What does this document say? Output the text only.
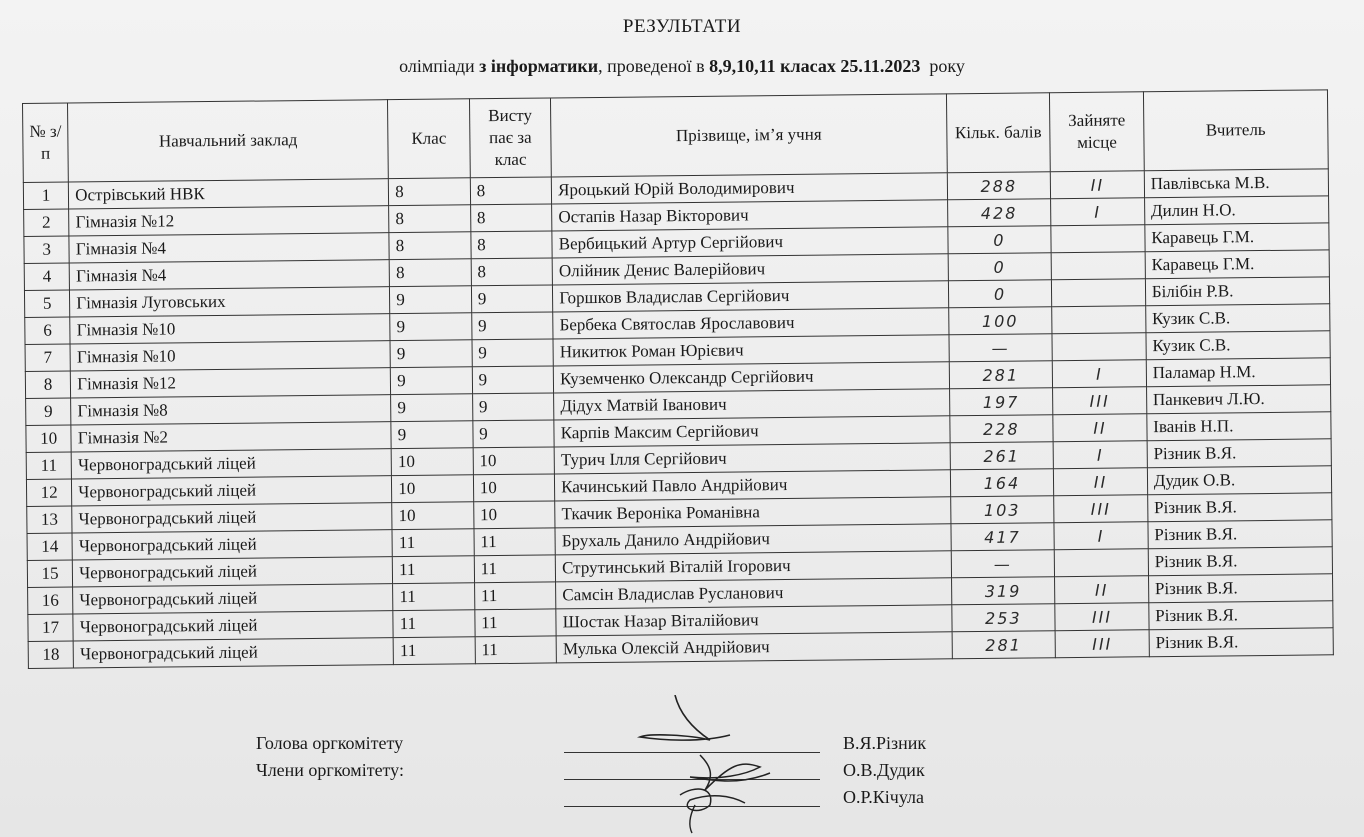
РЕЗУЛЬТАТИ
олімпіади з інформатики, проведеної в 8,9,10,11 класах 25.11.2023  року
№ з/п	Навчальний заклад	Клас	Висту пає за клас	Прізвище, ім’я учня	Кільк. балів	Зайняте місце	Вчитель
1	Острівський НВК	8	8	Яроцький Юрій Володимирович	288	II	Павлівська М.В.
2	Гімназія №12	8	8	Остапів Назар Вікторович	428	I	Дилин Н.О.
3	Гімназія №4	8	8	Вербицький Артур Сергійович	0		Каравець Г.М.
4	Гімназія №4	8	8	Олійник Денис Валерійович	0		Каравець Г.М.
5	Гімназія Луговських	9	9	Горшков Владислав Сергійович	0		Білібін Р.В.
6	Гімназія №10	9	9	Бербека Святослав Ярославович	100		Кузик С.В.
7	Гімназія №10	9	9	Никитюк Роман Юрієвич	—		Кузик С.В.
8	Гімназія №12	9	9	Куземченко Олександр Сергійович	281	I	Паламар Н.М.
9	Гімназія №8	9	9	Дідух Матвій Іванович	197	III	Панкевич Л.Ю.
10	Гімназія №2	9	9	Карпів Максим Сергійович	228	II	Іванів Н.П.
11	Червоноградський ліцей	10	10	Турич Ілля Сергійович	261	I	Різник В.Я.
12	Червоноградський ліцей	10	10	Качинський Павло Андрійович	164	II	Дудик О.В.
13	Червоноградський ліцей	10	10	Ткачик Вероніка Романівна	103	III	Різник В.Я.
14	Червоноградський ліцей	11	11	Брухаль Данило Андрійович	417	I	Різник В.Я.
15	Червоноградський ліцей	11	11	Струтинський Віталій Ігорович	—		Різник В.Я.
16	Червоноградський ліцей	11	11	Самсін Владислав Русланович	319	II	Різник В.Я.
17	Червоноградський ліцей	11	11	Шостак Назар Віталійович	253	III	Різник В.Я.
18	Червоноградський ліцей	11	11	Мулька Олексій Андрійович	281	III	Різник В.Я.
Голова оргкомітету
Члени оргкомітету:
В.Я.Різник
О.В.Дудик
О.Р.Кічула
